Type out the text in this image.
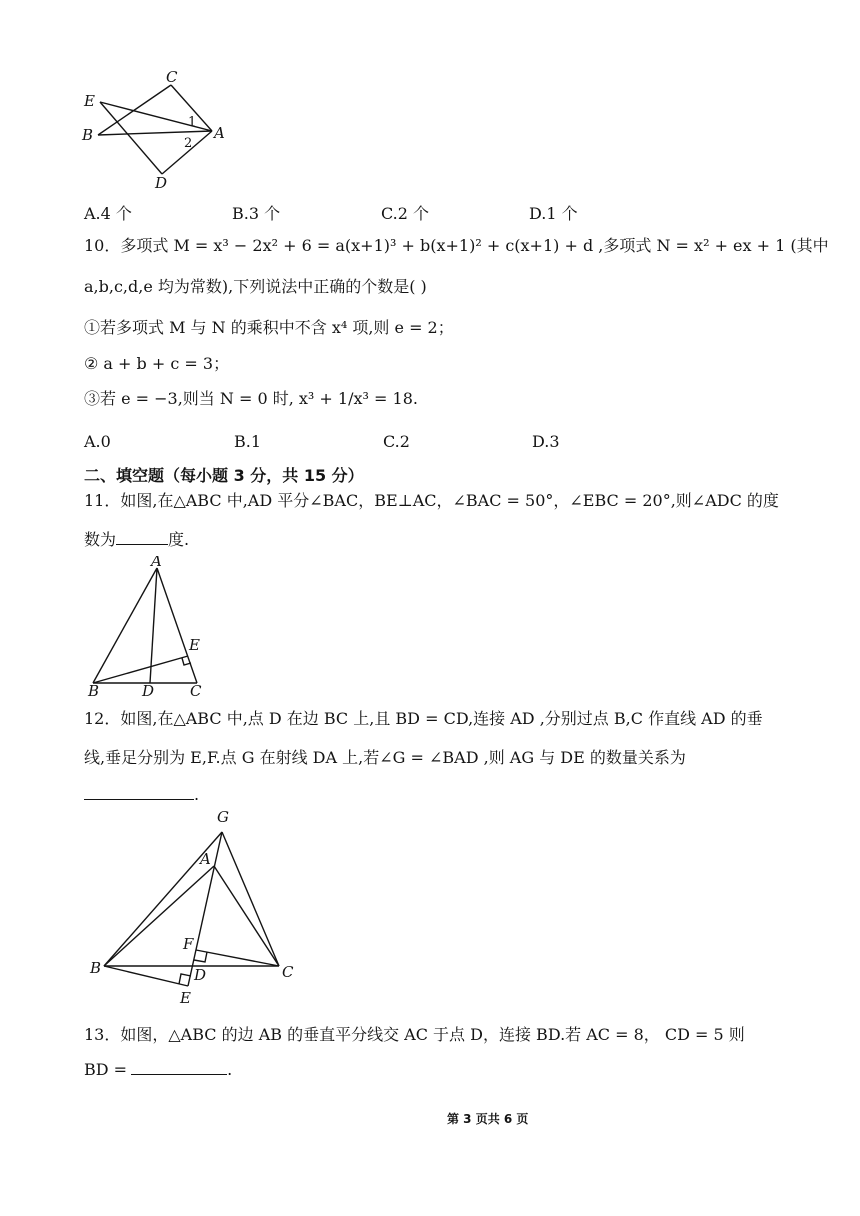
C
E
B	A
D
1
2
A.4 个	B.3 个	C.2 个	D.1 个
10．多项式 M = x³ − 2x² + 6 = a(x+1)³ + b(x+1)² + c(x+1) + d ,多项式 N = x² + ex + 1 (其中
a,b,c,d,e 均为常数),下列说法中正确的个数是( )
①若多项式 M 与 N 的乘积中不含 x⁴ 项,则 e = 2；
② a + b + c = 3；
③若 e = −3,则当 N = 0 时, x³ + 1/x³ = 18.
A.0	B.1	C.2	D.3
二、填空题（每小题 3 分，共 15 分）
11．如图,在△ABC 中,AD 平分∠BAC，BE⊥AC，∠BAC = 50°，∠EBC = 20°,则∠ADC 的度
数为	度.
A
E
B	D C
12．如图,在△ABC 中,点 D 在边 BC 上,且 BD = CD,连接 AD ,分别过点 B,C 作直线 AD 的垂
线,垂足分别为 E,F.点 G 在射线 DA 上,若∠G = ∠BAD ,则 AG 与 DE 的数量关系为
.
G
A
F
B	D	C
E
13．如图，△ABC 的边 AB 的垂直平分线交 AC 于点 D，连接 BD.若 AC = 8， CD = 5 则
BD =	.
第 3 页共 6 页
